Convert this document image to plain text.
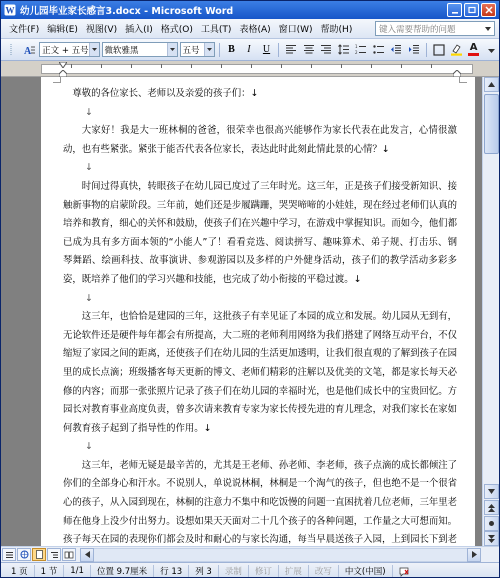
W 幼儿园毕业家长感言3.docx - Microsoft Word
文件(F) 编辑(E) 视图(V) 插入(I) 格式(O) 工具(T) 表格(A) 窗口(W) 帮助(H)	键入需要帮助的问题
A 正文 + 五号 微软雅黑	五号	B	I	U	1
2	A
尊敬的各位家长、老师以及亲爱的孩子们：↓
↓
大家好！我是大一班林桐的爸爸，很荣幸也很高兴能够作为家长代表在此发言，心情很激动，也有些紧张。紧张于能否代表各位家长，表达此时此刻此情此景的心情？↓
↓
时间过得真快，转眼孩子在幼儿园已度过了三年时光。这三年，正是孩子们接受新知识、接触新事物的启蒙阶段。三年前，她们还是步履蹒跚，哭哭啼啼的小娃娃，现在经过老师们认真的培养和教育，细心的关怀和鼓励，使孩子们在兴趣中学习，在游戏中掌握知识。而如今，他们都已成为具有多方面本领的“小能人”了！看看竞选、阅读拼写、趣味算术、弟子规、打击乐、钢琴舞蹈、绘画科技、故事演讲、参观游园以及多样的户外健身活动，孩子们的教学活动多彩多姿，既培养了他们的学习兴趣和技能，也完成了幼小衔接的平稳过渡。↓
↓
这三年，也恰恰是建园的三年，这批孩子有幸见证了本园的成立和发展。幼儿园从无到有，无论软件还是硬件每年都会有所提高，大二班的老师利用网络为我们搭建了网络互动平台，不仅缩短了家园之间的距离，还使孩子们在幼儿园的生活更加透明，让我们很直观的了解到孩子在园里的成长点滴；班级播客每天更新的博文、老师们精彩的注解以及优美的文笔，都是家长每天必修的内容；而那一张张照片记录了孩子们在幼儿园的幸福时光，也是他们成长中的宝贵回忆。方园长对教育事业高度负责，曾多次请来教育专家为家长传授先进的育儿理念，对我们家长在家如何教育孩子起到了指导性的作用。↓
↓
这三年，老师无疑是最辛苦的，尤其是王老师、孙老师、李老师，孩子点滴的成长都倾注了你们的全部身心和汗水。不说别人，单说说林桐，林桐是一个淘气的孩子，但也绝不是一个很省心的孩子，从入园到现在，林桐的注意力不集中和吃饭慢的问题一直困扰着几位老师，三年里老师在他身上没少付出努力。设想如果天天面对二十几个孩子的各种问题，工作量之大可想而知。孩子每天在园的表现你们都会及时和耐心的与家长沟通，每当早晨送孩子入园，上到园长下到老
1 页	1 节	1/1	位置 9.7厘米	行 13	列 3	录制	修订	扩展	改写	中文(中国)
